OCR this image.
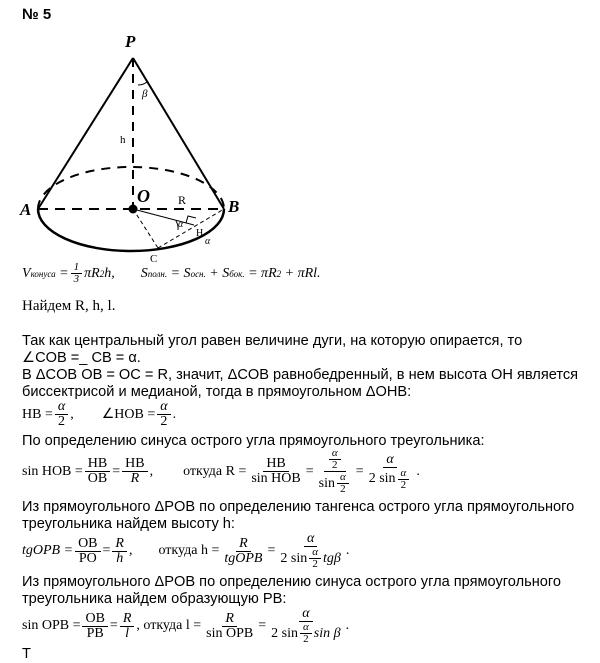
№ 5
P
A	B
O R
h
β
α
α
H
C
V конуса = $\frac{1}{3}$ πR 2 h, S полн.
= S осн.
+ S бок.
= πR 2
+ πRl.
Найдем R, h, l.
Так как центральный угол равен величине дуги, на которую опирается, то
∠COB =_ CB = α.
В ΔCOB OB = OC = R, значит, ΔCOB равнобедренный, в нем высота OH является
биссектрисой и медианой, тогда в прямоугольном ΔOHB:
HB = $\frac{\alpha}{2}$ , ∠HOB = $\frac{\alpha}{2}$ .
По определению синуса острого угла прямоугольного треугольника:
sin HOB = $\frac{HB}{OB} = \frac{HB}{R}$ , откуда $R = \frac{HB}{\text{sin HOB}} = \frac{\frac{\alpha}{2}}{\sin \frac{\alpha}{2}} = \frac{\alpha}{2 \sin \frac{\alpha}{2}}$ .
Из прямоугольного ΔPOB по определению тангенса острого угла прямоугольного
треугольника найдем высоту h:
tgOPB = $\frac{OB}{PO} = \frac{R}{h}$ , откуда $h = \frac{R}{\text{tgOPB}} = \frac{\alpha}{2 \sin \frac{\alpha}{2} tg\beta}$ .
Из прямоугольного ΔPOB по определению синуса острого угла прямоугольного
треугольника найдем образующую PB:
sin OPB = $\frac{OB}{PB} = \frac{R}{l}$ , откуда $l = \frac{R}{\text{sin OPB}} = \frac{\alpha}{2 \sin \frac{\alpha}{2} \sin \beta}$ .
Т
